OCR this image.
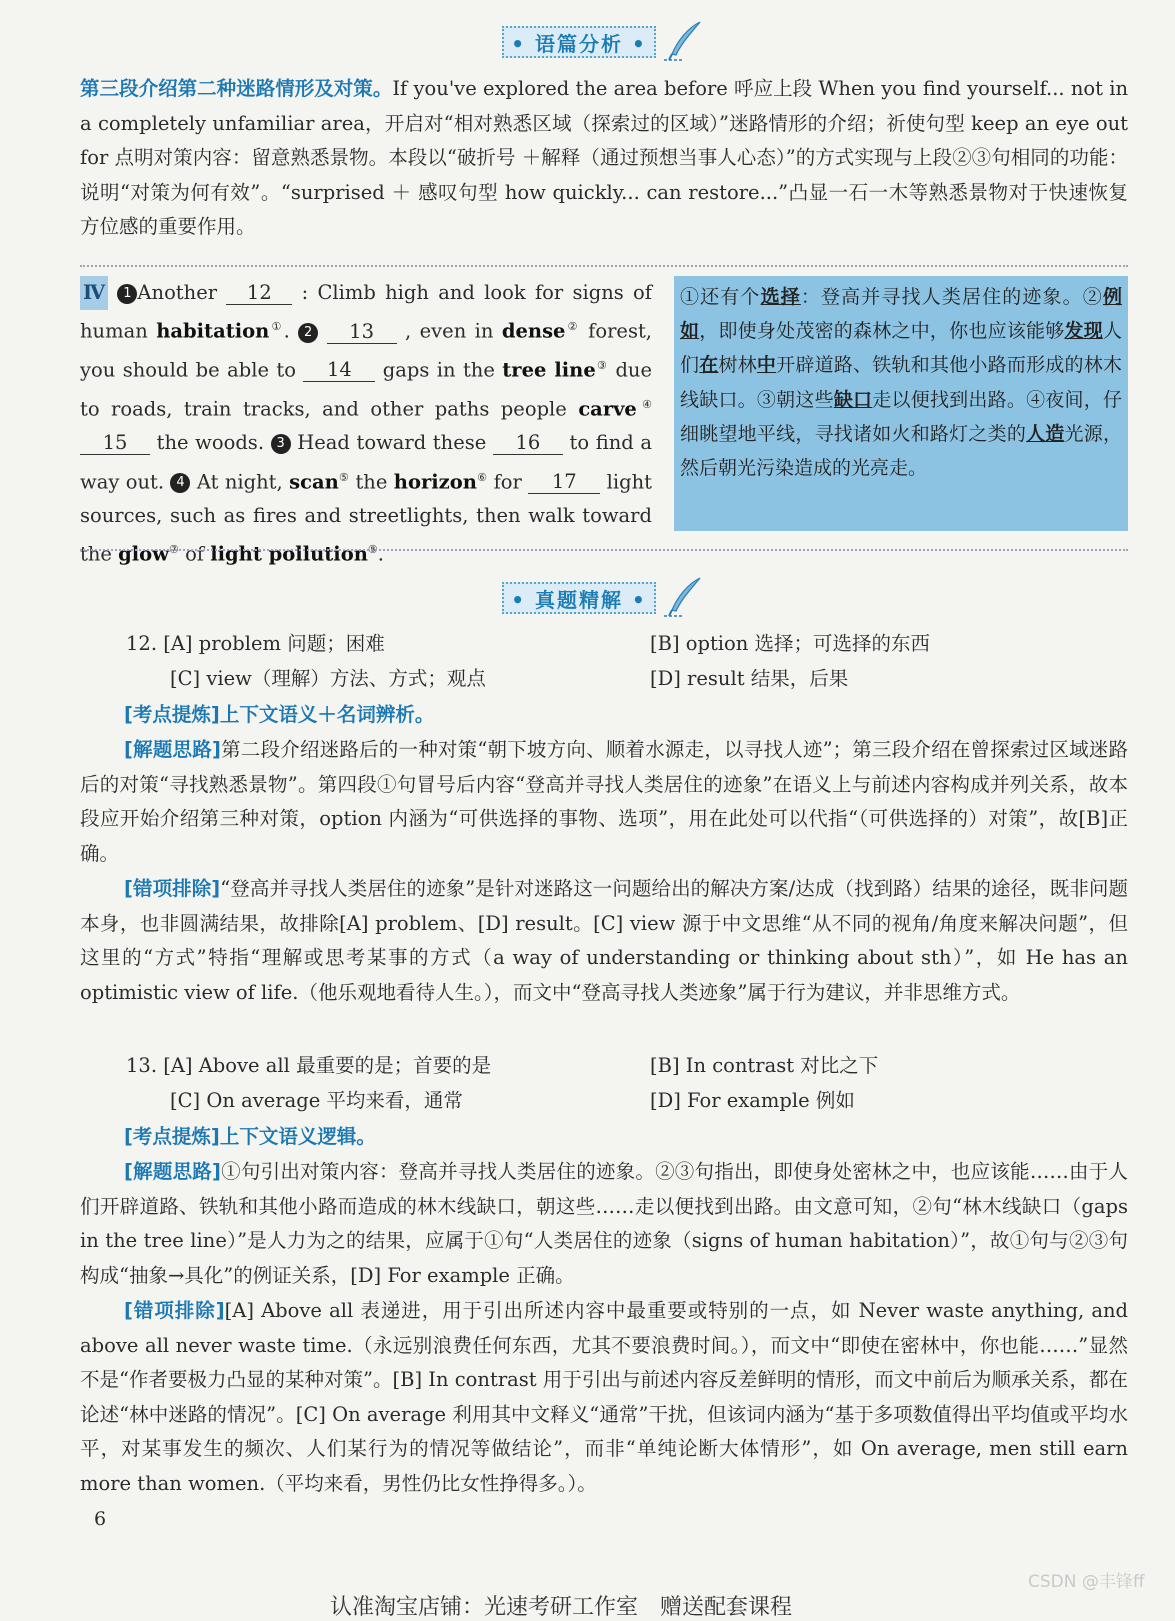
• 语篇分析 •

第三段介绍第二种迷路情形及对策。If you've explored the area before 呼应上段 When you find yourself... not in a completely unfamiliar area，开启对“相对熟悉区域（探索过的区域）”迷路情形的介绍；祈使句型 keep an eye out for 点明对策内容：留意熟悉景物。本段以“破折号 ＋解释（通过预想当事人心态）”的方式实现与上段②③句相同的功能：说明“对策为何有效”。“surprised ＋ 感叹句型 how quickly... can restore...”凸显一石一木等熟悉景物对于快速恢复方位感的重要作用。

Ⅳ 1 Another 12 : Climb high and look for signs of human habitation①. 2 13 , even in dense② forest, you should be able to 14 gaps in the tree line③ due to roads, train tracks, and other paths people carve④ 15 the woods. 3 Head toward these 16 to find a way out. 4 At night, scan⑤ the horizon⑥ for 17 light sources, such as fires and streetlights, then walk toward the glow⑦ of light pollution⑧.

①还有个选择：登高并寻找人类居住的迹象。②例如，即使身处茂密的森林之中，你也应该能够发现人们在树林中开辟道路、铁轨和其他小路而形成的林木线缺口。③朝这些缺口走以便找到出路。④夜间，仔细眺望地平线，寻找诸如火和路灯之类的人造光源，然后朝光污染造成的光亮走。

• 真题精解 •

12. [A] problem 问题；困难	[B] option 选择；可选择的东西

[C] view（理解）方法、方式；观点	[D] result 结果，后果

[考点提炼]上下文语义＋名词辨析。

[解题思路]第二段介绍迷路后的一种对策“朝下坡方向、顺着水源走，以寻找人迹”；第三段介绍在曾探索过区域迷路后的对策“寻找熟悉景物”。第四段①句冒号后内容“登高并寻找人类居住的迹象”在语义上与前述内容构成并列关系，故本段应开始介绍第三种对策，option 内涵为“可供选择的事物、选项”，用在此处可以代指“（可供选择的）对策”，故[B]正确。

[错项排除]“登高并寻找人类居住的迹象”是针对迷路这一问题给出的解决方案/达成（找到路）结果的途径，既非问题本身，也非圆满结果，故排除[A] problem、[D] result。[C] view 源于中文思维“从不同的视角/角度来解决问题”，但这里的“方式”特指“理解或思考某事的方式（a way of understanding or thinking about sth）”，如 He has an optimistic view of life.（他乐观地看待人生。），而文中“登高寻找人类迹象”属于行为建议，并非思维方式。

13. [A] Above all 最重要的是；首要的是	[B] In contrast 对比之下

[C] On average 平均来看，通常	[D] For example 例如

[考点提炼]上下文语义逻辑。

[解题思路]①句引出对策内容：登高并寻找人类居住的迹象。②③句指出，即使身处密林之中，也应该能……由于人们开辟道路、铁轨和其他小路而造成的林木线缺口，朝这些……走以便找到出路。由文意可知，②句“林木线缺口（gaps in the tree line）”是人力为之的结果，应属于①句“人类居住的迹象（signs of human habitation）”，故①句与②③句构成“抽象→具化”的例证关系，[D] For example 正确。

[错项排除][A] Above all 表递进，用于引出所述内容中最重要或特别的一点，如 Never waste anything, and above all never waste time.（永远别浪费任何东西，尤其不要浪费时间。），而文中“即使在密林中，你也能……”显然不是“作者要极力凸显的某种对策”。[B] In contrast 用于引出与前述内容反差鲜明的情形，而文中前后为顺承关系，都在论述“林中迷路的情况”。[C] On average 利用其中文释义“通常”干扰，但该词内涵为“基于多项数值得出平均值或平均水平，对某事发生的频次、人们某行为的情况等做结论”，而非“单纯论断大体情形”，如 On average, men still earn more than women.（平均来看，男性仍比女性挣得多。）。

6
CSDN @丰锋ff
认准淘宝店铺：光速考研工作室　赠送配套课程
